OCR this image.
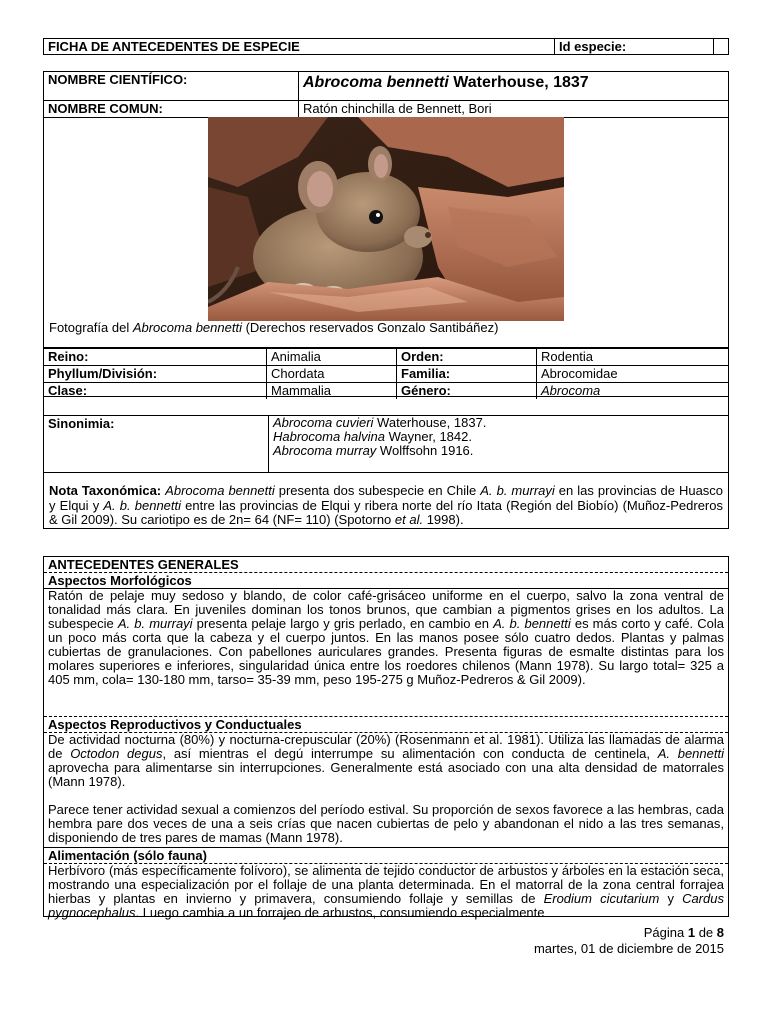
FICHA DE ANTECEDENTES DE ESPECIE	Id especie:
NOMBRE CIENTÍFICO:	Abrocoma bennetti Waterhouse, 1837
NOMBRE COMUN:	Ratón chinchilla de Bennett, Bori
Fotografía del Abrocoma bennetti (Derechos reservados Gonzalo Santibáñez)
Reino:	Animalia	Orden:	Rodentia
Phyllum/División:	Chordata	Familia:	Abrocomidae
Clase:	Mammalia	Género:	Abrocoma
Sinonimia:	Abrocoma cuvieri Waterhouse, 1837.
Habrocoma halvina Wayner, 1842.
Abrocoma murray Wolffsohn 1916.
Nota Taxonómica: Abrocoma bennetti presenta dos subespecie en Chile A. b. murrayi en las provincias de Huasco y Elqui y A. b. bennetti entre las provincias de Elqui y ribera norte del río Itata (Región del Biobío) (Muñoz-Pedreros & Gil 2009). Su cariotipo es de 2n= 64 (NF= 110) (Spotorno et al. 1998).
ANTECEDENTES GENERALES
Aspectos Morfológicos
Ratón de pelaje muy sedoso y blando, de color café-grisáceo uniforme en el cuerpo, salvo la zona ventral de tonalidad más clara. En juveniles dominan los tonos brunos, que cambian a pigmentos grises en los adultos. La subespecie A. b. murrayi presenta pelaje largo y gris perlado, en cambio en A. b. bennetti es más corto y café. Cola un poco más corta que la cabeza y el cuerpo juntos. En las manos posee sólo cuatro dedos. Plantas y palmas cubiertas de granulaciones. Con pabellones auriculares grandes. Presenta figuras de esmalte distintas para los molares superiores e inferiores, singularidad única entre los roedores chilenos (Mann 1978). Su largo total= 325 a 405 mm, cola= 130-180 mm, tarso= 35-39 mm, peso 195-275 g Muñoz-Pedreros & Gil 2009).
Aspectos Reproductivos y Conductuales

De actividad nocturna (80%) y nocturna-crepuscular (20%) (Rosenmann et al. 1981). Utiliza las llamadas de alarma de Octodon degus, así mientras el degú interrumpe su alimentación con conducta de centinela, A. bennetti aprovecha para alimentarse sin interrupciones. Generalmente está asociado con una alta densidad de matorrales (Mann 1978).

Parece tener actividad sexual a comienzos del período estival. Su proporción de sexos favorece a las hembras, cada hembra pare dos veces de una a seis crías que nacen cubiertas de pelo y abandonan el nido a las tres semanas, disponiendo de tres pares de mamas (Mann 1978).

Alimentación (sólo fauna)
Herbívoro (más específicamente folívoro), se alimenta de tejido conductor de arbustos y árboles en la estación seca, mostrando una especialización por el follaje de una planta determinada. En el matorral de la zona central forrajea hierbas y plantas en invierno y primavera, consumiendo follaje y semillas de Erodium cicutarium y Cardus pygnocephalus. Luego cambia a un forrajeo de arbustos, consumiendo especialmente
Página 1 de 8
martes, 01 de diciembre de 2015
